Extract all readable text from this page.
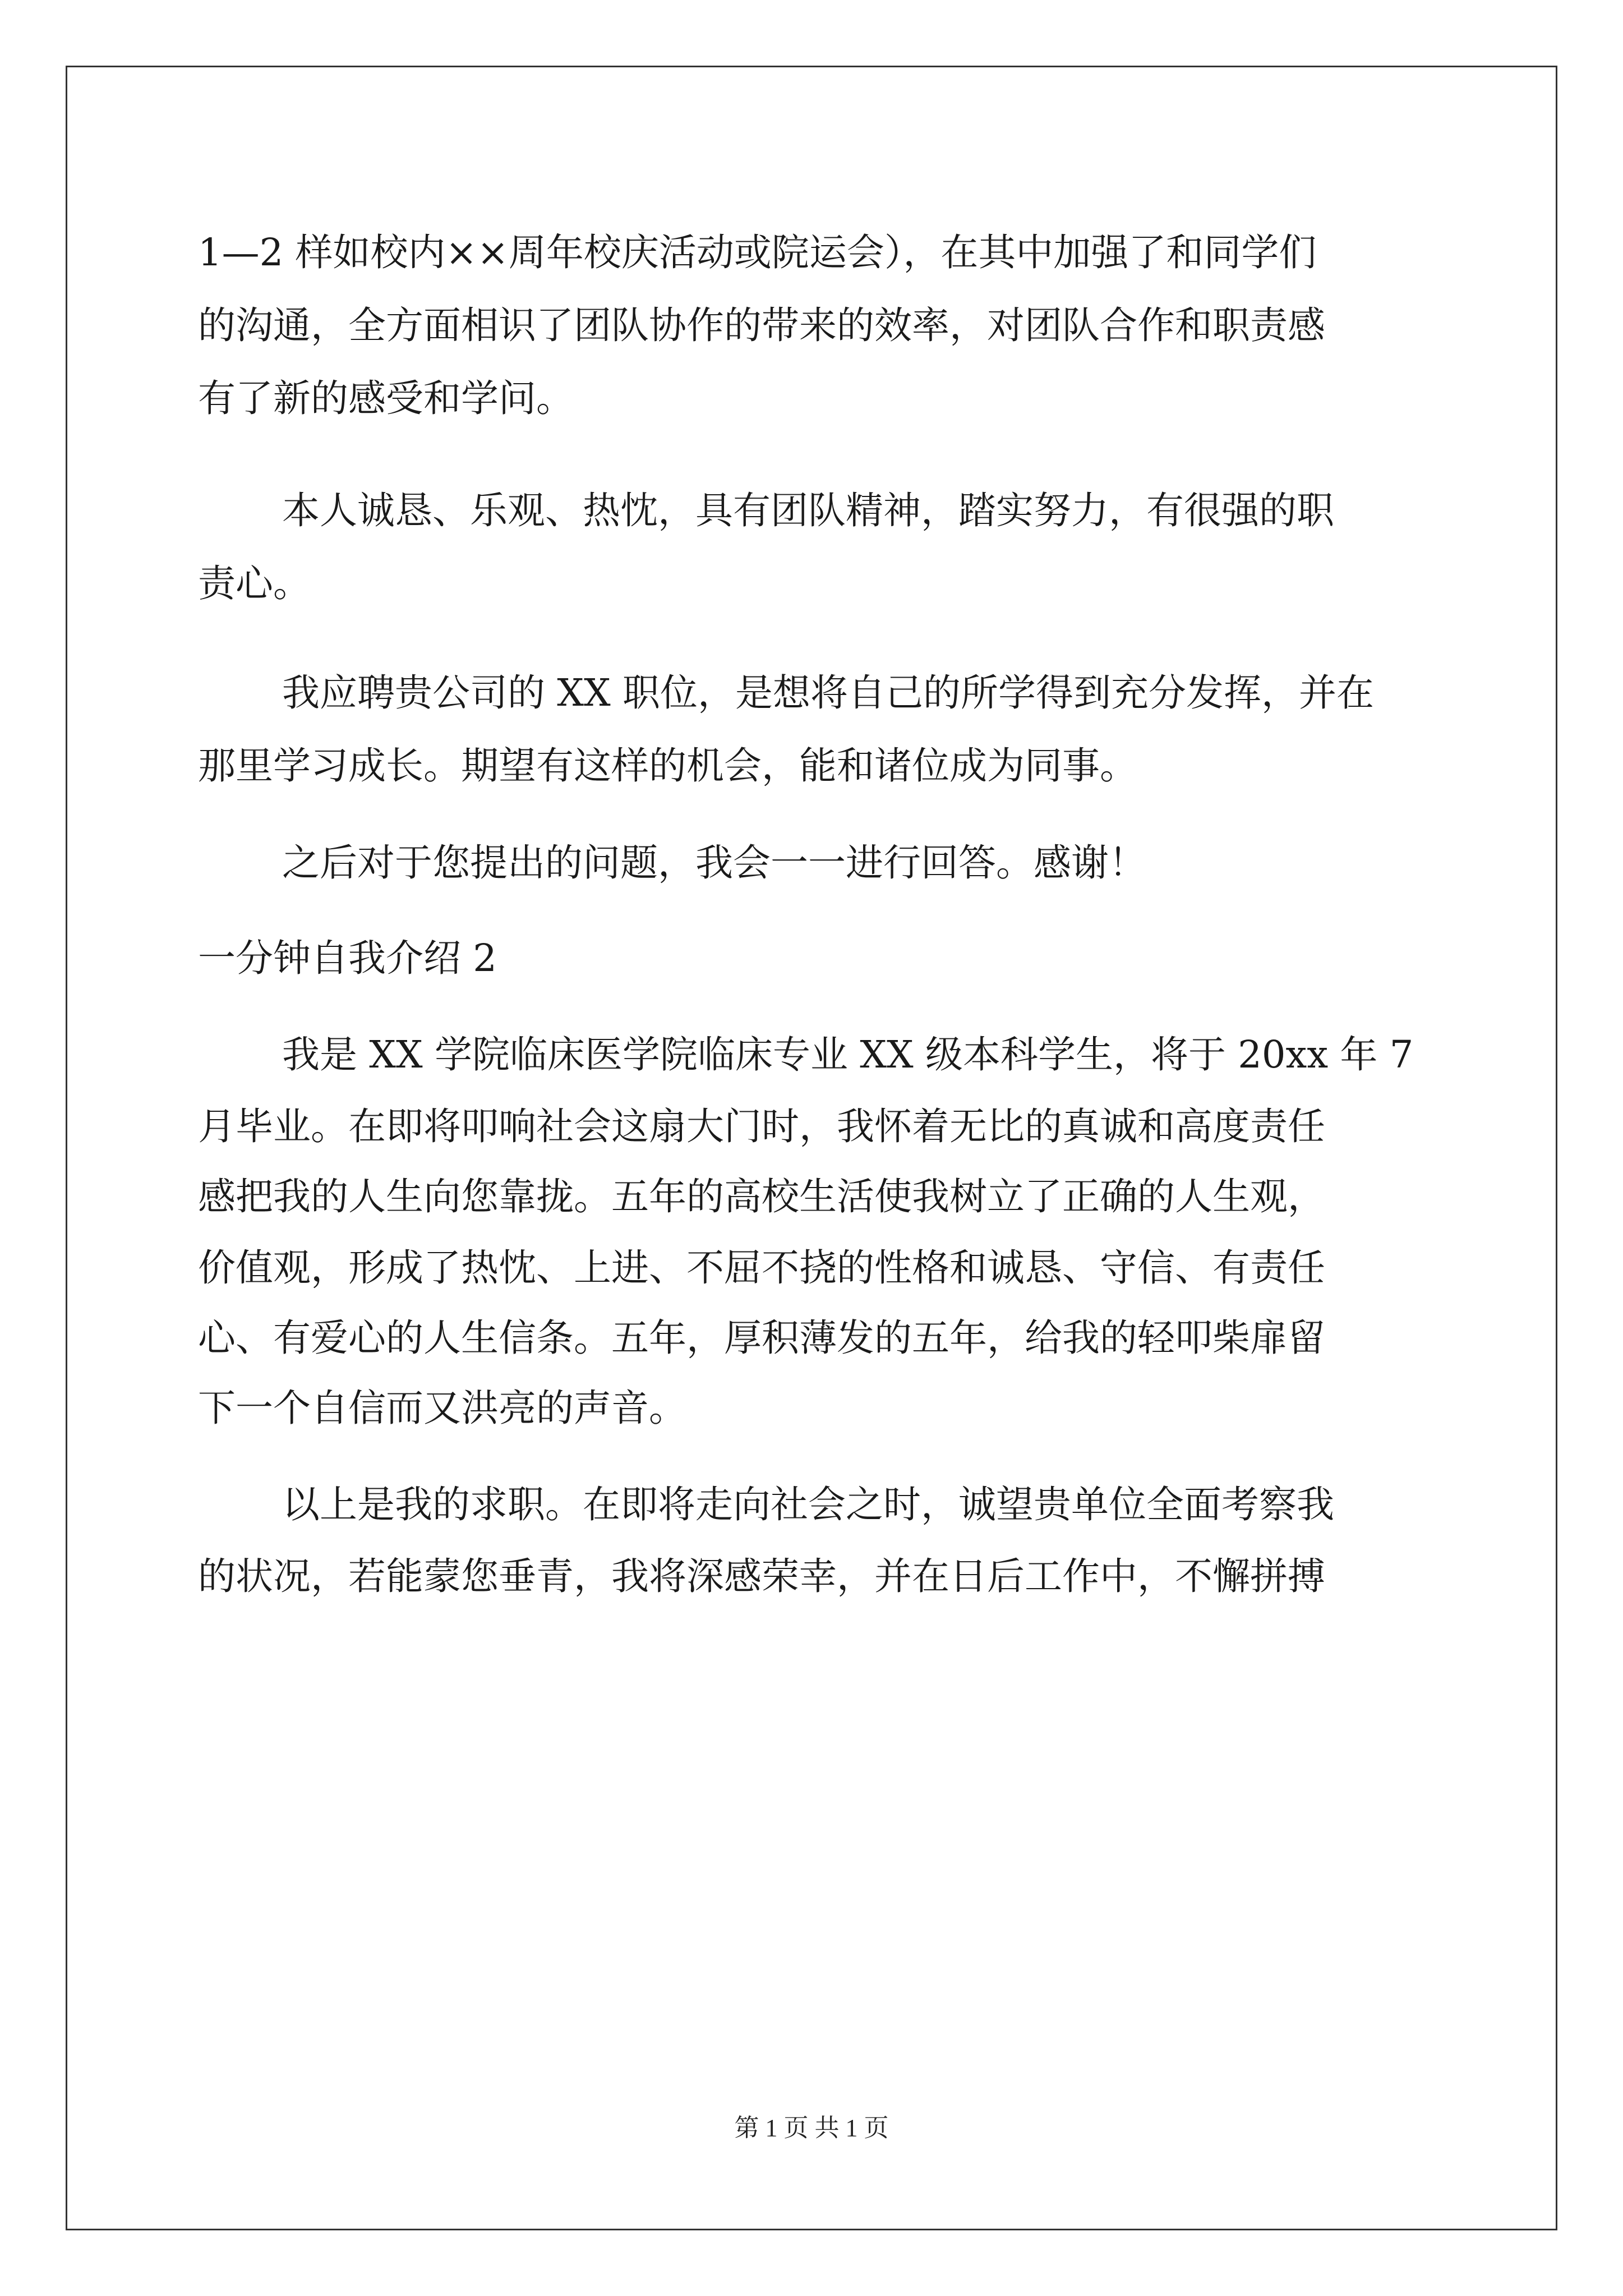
1—2 样如校内××周年校庆活动或院运会），在其中加强了和同学们
的沟通，全方面相识了团队协作的带来的效率，对团队合作和职责感
有了新的感受和学问。
本人诚恳、乐观、热忱，具有团队精神，踏实努力，有很强的职
责心。
我应聘贵公司的 XX 职位，是想将自己的所学得到充分发挥，并在
那里学习成长。期望有这样的机会，能和诸位成为同事。
之后对于您提出的问题，我会一一进行回答。感谢！
一分钟自我介绍 2
我是 XX 学院临床医学院临床专业 XX 级本科学生，将于 20xx 年 7
月毕业。在即将叩响社会这扇大门时，我怀着无比的真诚和高度责任
感把我的人生向您靠拢。五年的高校生活使我树立了正确的人生观，
价值观，形成了热忱、上进、不屈不挠的性格和诚恳、守信、有责任
心、有爱心的人生信条。五年，厚积薄发的五年，给我的轻叩柴扉留
下一个自信而又洪亮的声音。
以上是我的求职。在即将走向社会之时，诚望贵单位全面考察我
的状况，若能蒙您垂青，我将深感荣幸，并在日后工作中，不懈拼搏
第 1 页 共 1 页
